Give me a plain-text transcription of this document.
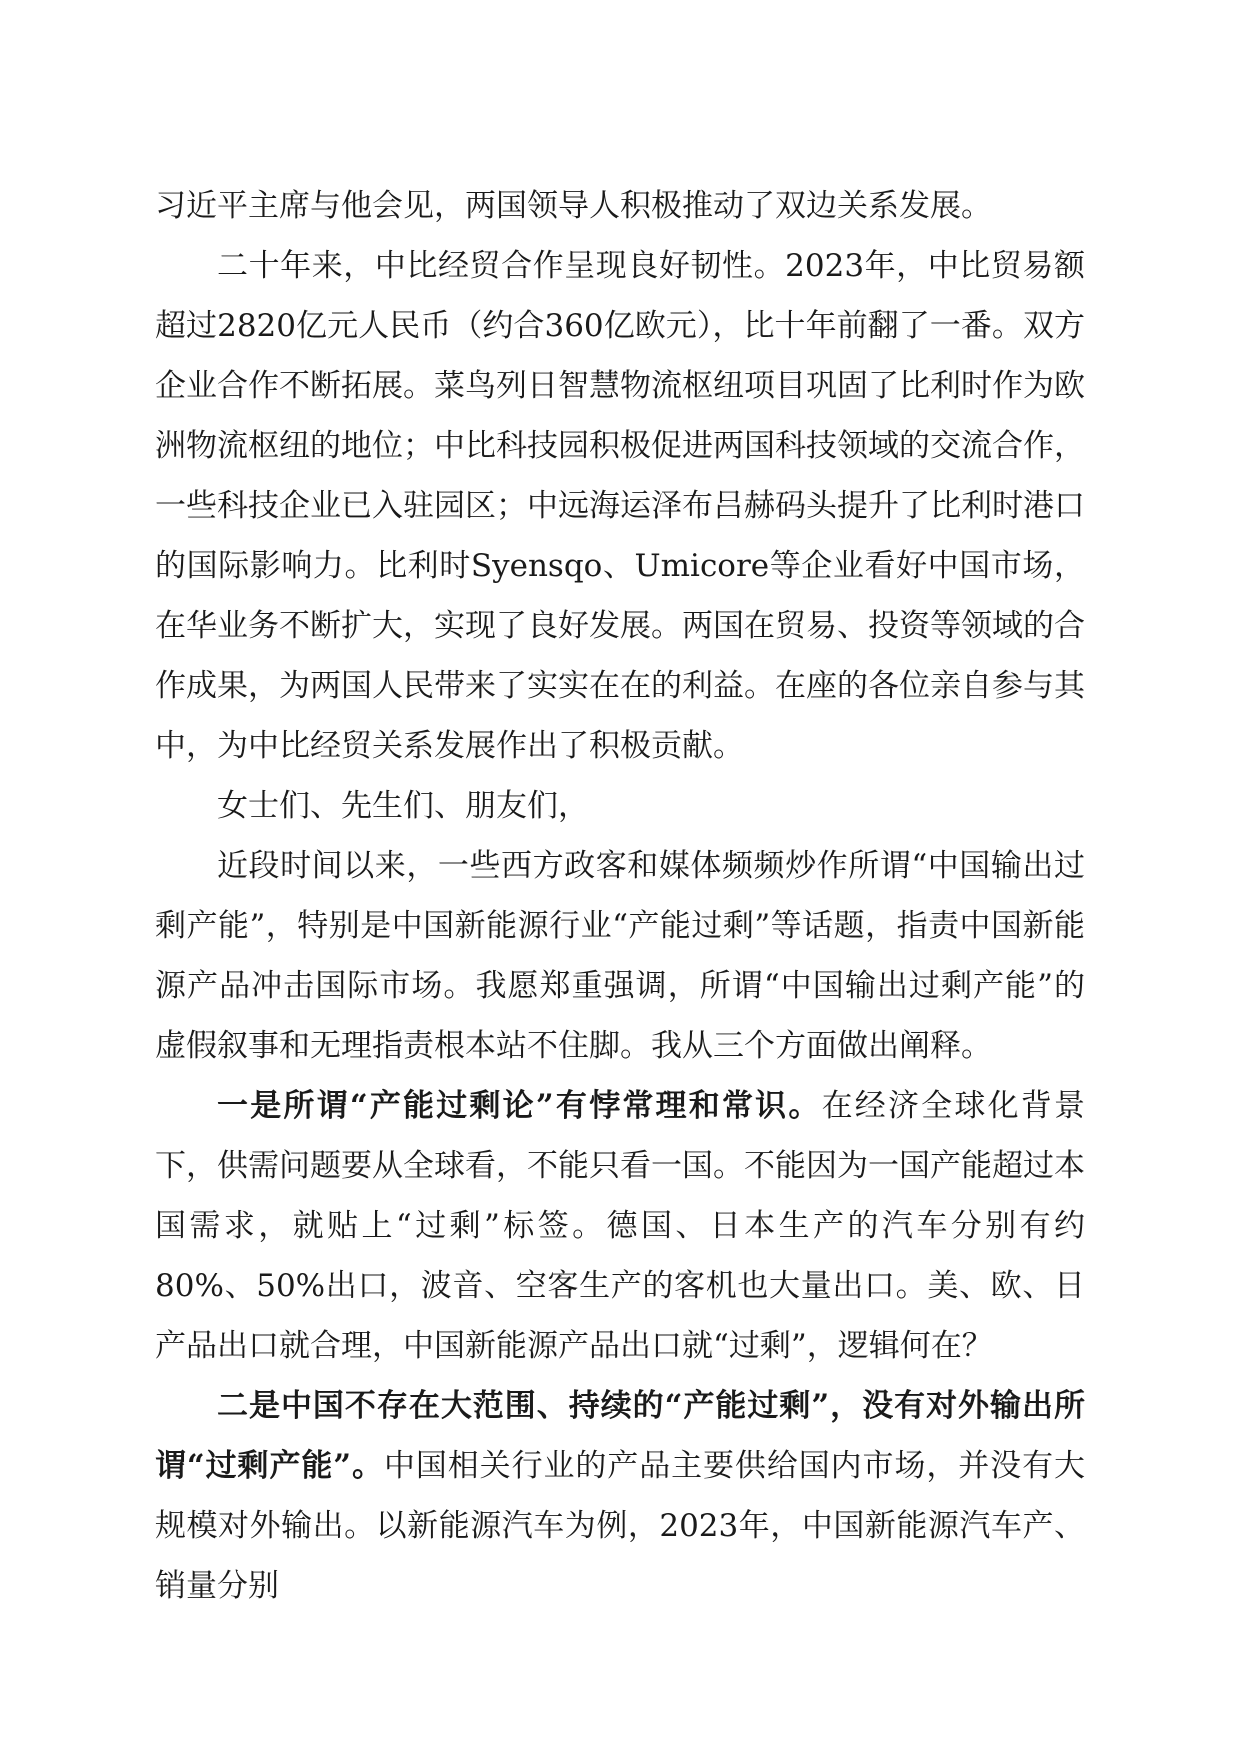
习近平主席与他会见，两国领导人积极推动了双边关系发展。

二十年来，中比经贸合作呈现良好韧性。2023年，中比贸易额超过2820亿元人民币（约合360亿欧元），比十年前翻了一番。双方企业合作不断拓展。菜鸟列日智慧物流枢纽项目巩固了比利时作为欧洲物流枢纽的地位；中比科技园积极促进两国科技领域的交流合作，一些科技企业已入驻园区；中远海运泽布吕赫码头提升了比利时港口的国际影响力。比利时Syensqo、Umicore等企业看好中国市场，在华业务不断扩大，实现了良好发展。两国在贸易、投资等领域的合作成果，为两国人民带来了实实在在的利益。在座的各位亲自参与其中，为中比经贸关系发展作出了积极贡献。

女士们、先生们、朋友们，

近段时间以来，一些西方政客和媒体频频炒作所谓“中国输出过剩产能”，特别是中国新能源行业“产能过剩”等话题，指责中国新能源产品冲击国际市场。我愿郑重强调，所谓“中国输出过剩产能”的虚假叙事和无理指责根本站不住脚。我从三个方面做出阐释。

一是所谓“产能过剩论”有悖常理和常识。在经济全球化背景下，供需问题要从全球看，不能只看一国。不能因为一国产能超过本国需求，就贴上“过剩”标签。德国、日本生产的汽车分别有约80%、50%出口，波音、空客生产的客机也大量出口。美、欧、日产品出口就合理，中国新能源产品出口就“过剩”，逻辑何在？

二是中国不存在大范围、持续的“产能过剩”，没有对外输出所谓“过剩产能”。中国相关行业的产品主要供给国内市场，并没有大规模对外输出。以新能源汽车为例，2023年，中国新能源汽车产、销量分别
